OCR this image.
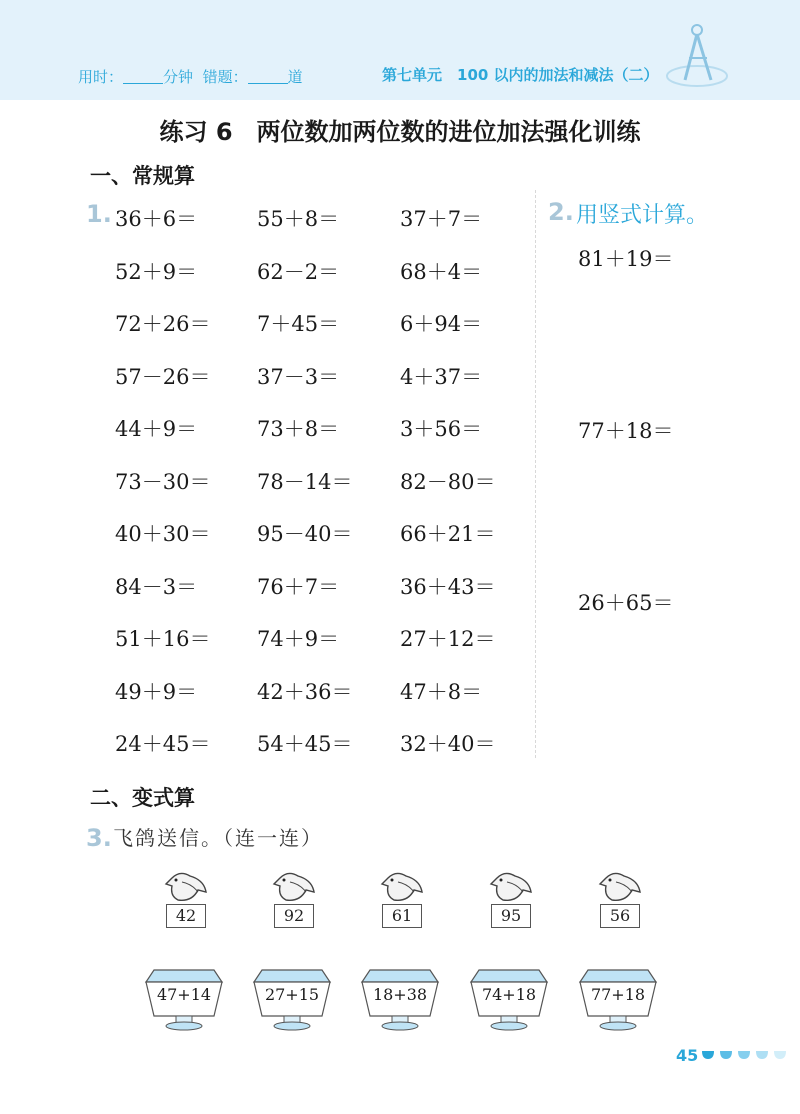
用时：	分钟 错题：	道	第七单元　100 以内的加法和减法（二）
练习 6　两位数加两位数的进位加法强化训练
一、常规算
1. 36＋6＝	55＋8＝	37＋7＝
52＋9＝	62－2＝	68＋4＝
72＋26＝ 7＋45＝	6＋94＝
57－26＝ 37－3＝	4＋37＝
44＋9＝	73＋8＝	3＋56＝
73－30＝ 78－14＝ 82－80＝
40＋30＝ 95－40＝ 66＋21＝
84－3＝	76＋7＝	36＋43＝
51＋16＝ 74＋9＝	27＋12＝
49＋9＝	42＋36＝ 47＋8＝
24＋45＝ 54＋45＝ 32＋40＝
2. 用竖式计算。
81＋19＝
77＋18＝
26＋65＝
二、变式算
3. 飞鸽送信。（连一连）
42	92	61	95	56
47+14	27+15	18+38	74+18	77+18
45
